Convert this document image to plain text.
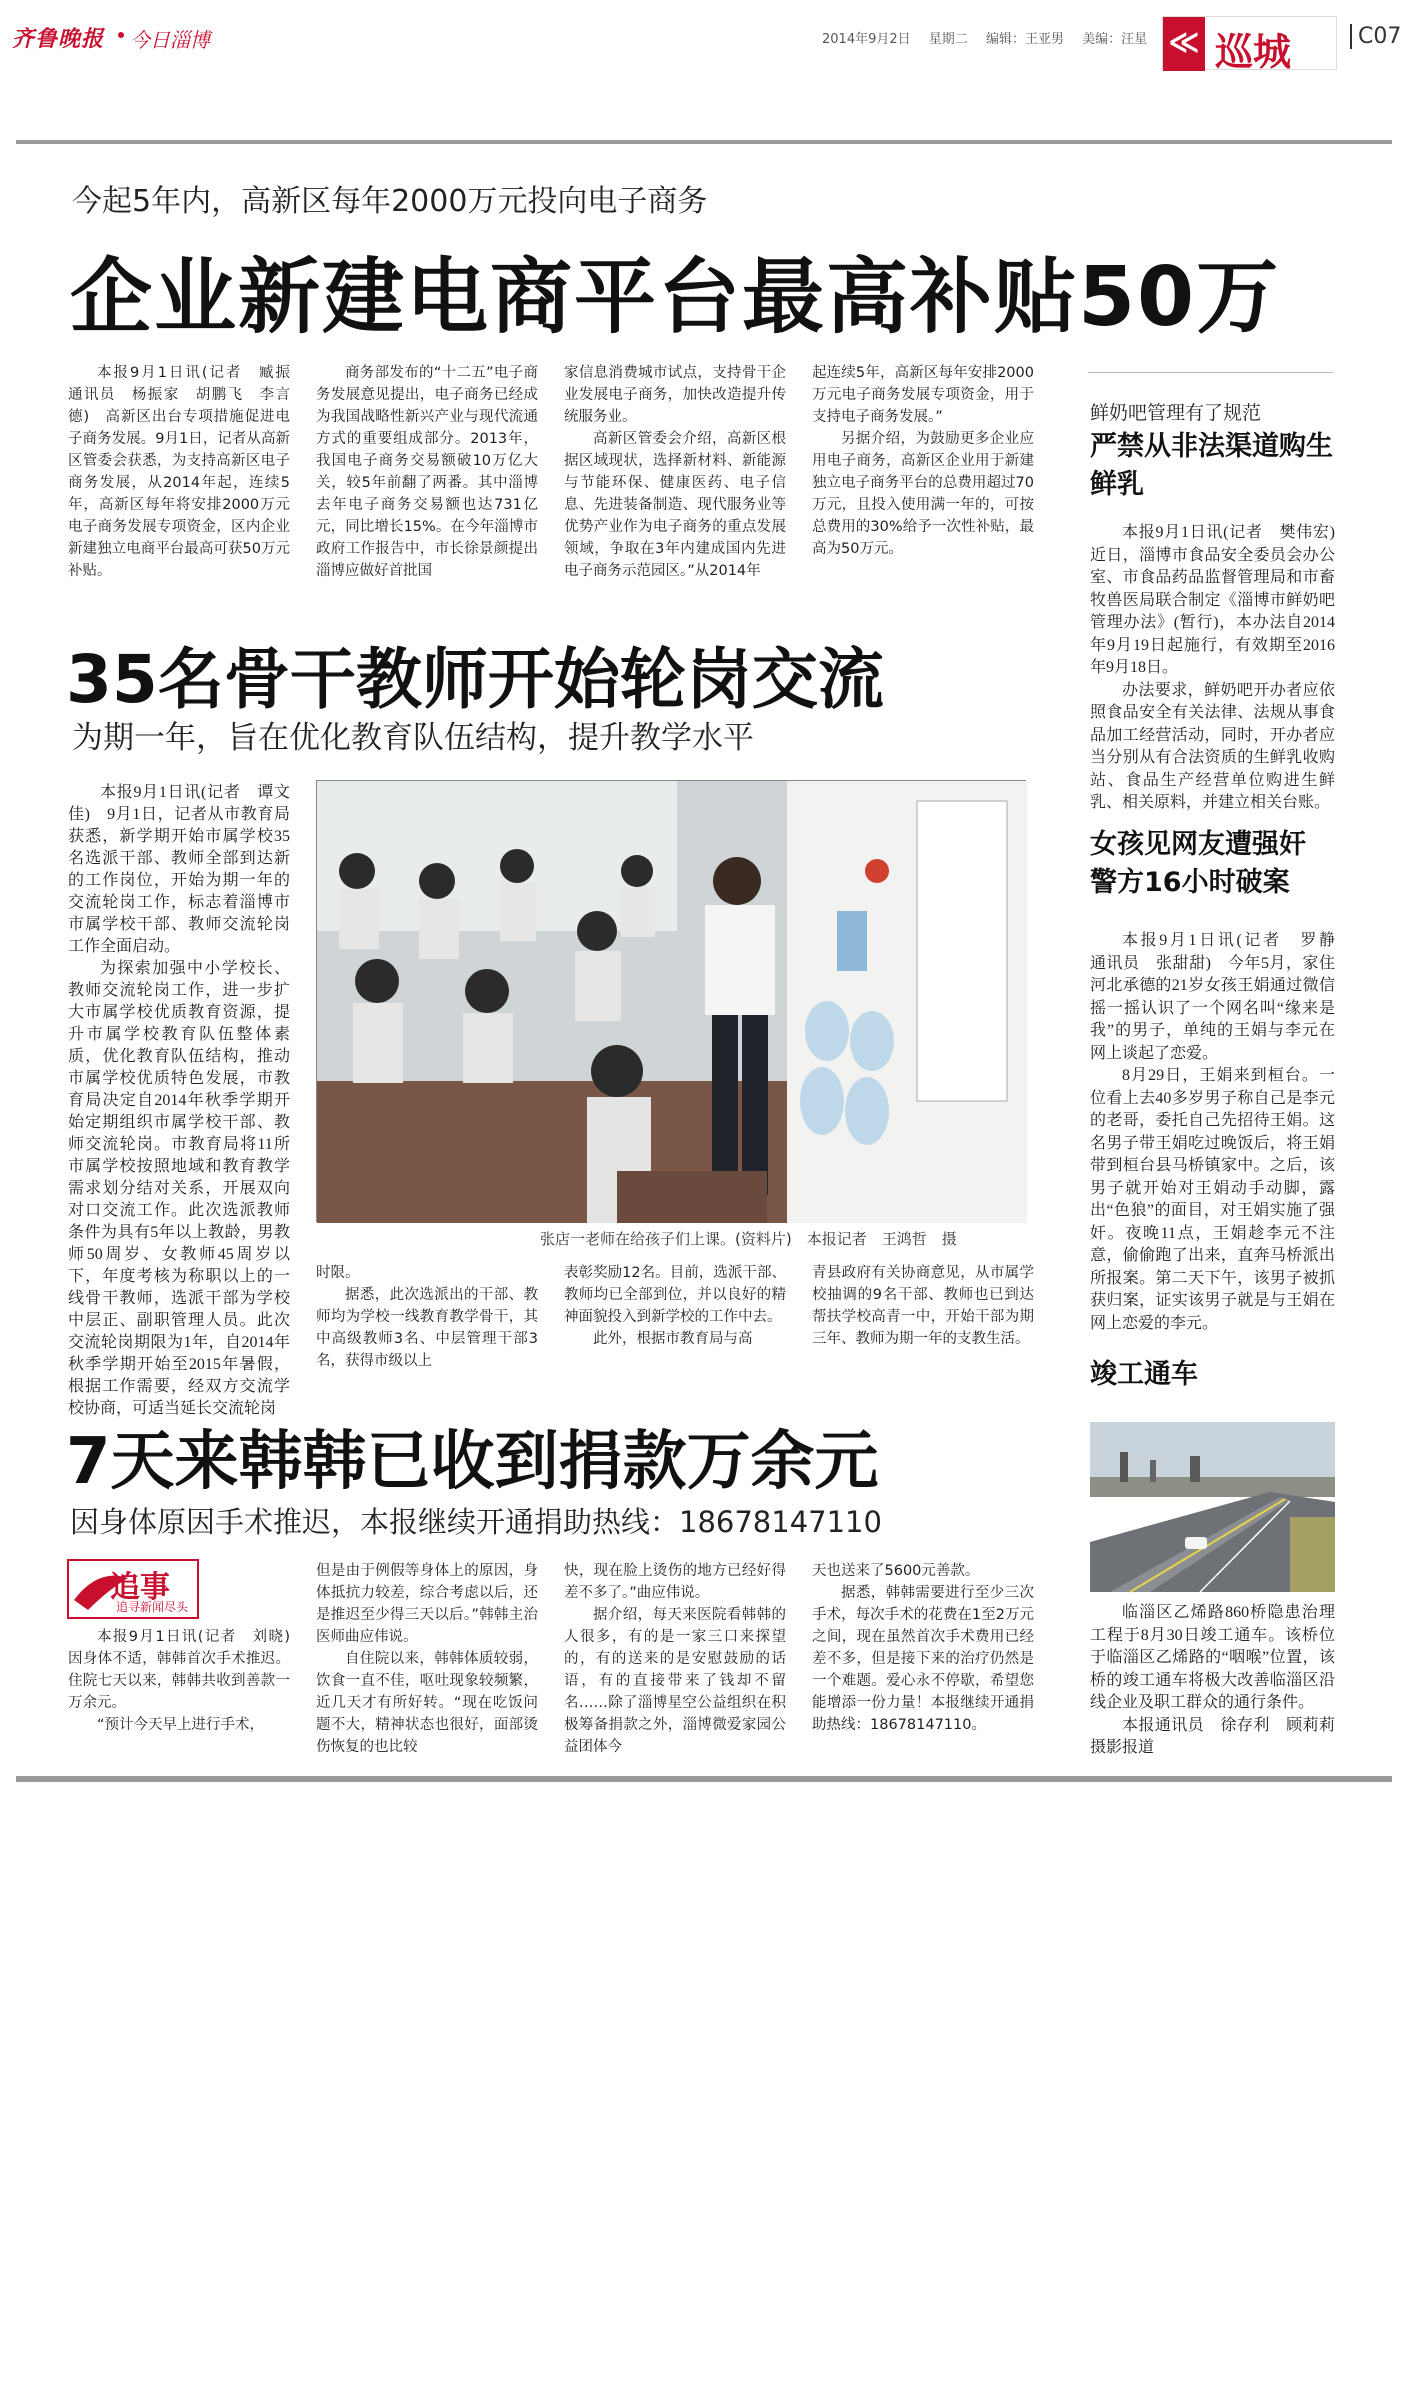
齐鲁晚报 今日淄博	2014年9月2日 星期二 编辑：王亚男 美编：汪星 ≪ 巡城	C07
今起5年内，高新区每年2000万元投向电子商务
企业新建电商平台最高补贴50万

本报9月1日讯(记者　臧振　通讯员　杨振家　胡鹏飞　李言德)　高新区出台专项措施促进电子商务发展。9月1日，记者从高新区管委会获悉，为支持高新区电子商务发展，从2014年起，连续5年，高新区每年将安排2000万元电子商务发展专项资金，区内企业新建独立电商平台最高可获50万元补贴。

商务部发布的“十二五”电子商务发展意见提出，电子商务已经成为我国战略性新兴产业与现代流通方式的重要组成部分。2013年，我国电子商务交易额破10万亿大关，较5年前翻了两番。其中淄博去年电子商务交易额也达731亿元，同比增长15%。在今年淄博市政府工作报告中，市长徐景颜提出淄博应做好首批国

家信息消费城市试点，支持骨干企业发展电子商务，加快改造提升传统服务业。

高新区管委会介绍，高新区根据区域现状，选择新材料、新能源与节能环保、健康医药、电子信息、先进装备制造、现代服务业等优势产业作为电子商务的重点发展领域，争取在3年内建成国内先进电子商务示范园区。”从2014年

起连续5年，高新区每年安排2000万元电子商务发展专项资金，用于支持电子商务发展。”

另据介绍，为鼓励更多企业应用电子商务，高新区企业用于新建独立电子商务平台的总费用超过70万元，且投入使用满一年的，可按总费用的30%给予一次性补贴，最高为50万元。

35名骨干教师开始轮岗交流
为期一年，旨在优化教育队伍结构，提升教学水平

本报9月1日讯(记者　谭文佳)　9月1日，记者从市教育局获悉，新学期开始市属学校35名选派干部、教师全部到达新的工作岗位，开始为期一年的交流轮岗工作，标志着淄博市市属学校干部、教师交流轮岗工作全面启动。

为探索加强中小学校长、教师交流轮岗工作，进一步扩大市属学校优质教育资源，提升市属学校教育队伍整体素质，优化教育队伍结构，推动市属学校优质特色发展，市教育局决定自2014年秋季学期开始定期组织市属学校干部、教师交流轮岗。市教育局将11所市属学校按照地域和教育教学需求划分结对关系，开展双向对口交流工作。此次选派教师条件为具有5年以上教龄，男教师50周岁、女教师45周岁以下，年度考核为称职以上的一线骨干教师，选派干部为学校中层正、副职管理人员。此次交流轮岗期限为1年，自2014年秋季学期开始至2015年暑假，根据工作需要，经双方交流学校协商，可适当延长交流轮岗

张店一老师在给孩子们上课。(资料片)　本报记者　王鸿哲　摄

时限。

据悉，此次选派出的干部、教师均为学校一线教育教学骨干，其中高级教师3名、中层管理干部3名，获得市级以上

表彰奖励12名。目前，选派干部、教师均已全部到位，并以良好的精神面貌投入到新学校的工作中去。

此外，根据市教育局与高

青县政府有关协商意见，从市属学校抽调的9名干部、教师也已到达帮扶学校高青一中，开始干部为期三年、教师为期一年的支教生活。

7天来韩韩已收到捐款万余元
因身体原因手术推迟，本报继续开通捐助热线：18678147110
追事
追寻新闻尽头

本报9月1日讯(记者　刘晓)　因身体不适，韩韩首次手术推迟。住院七天以来，韩韩共收到善款一万余元。

“预计今天早上进行手术，

但是由于例假等身体上的原因，身体抵抗力较差，综合考虑以后，还是推迟至少得三天以后。”韩韩主治医师曲应伟说。

自住院以来，韩韩体质较弱，饮食一直不佳，呕吐现象较频繁，近几天才有所好转。“现在吃饭问题不大，精神状态也很好，面部烫伤恢复的也比较

快，现在脸上烫伤的地方已经好得差不多了。”曲应伟说。

据介绍，每天来医院看韩韩的人很多，有的是一家三口来探望的，有的送来的是安慰鼓励的话语，有的直接带来了钱却不留名……除了淄博星空公益组织在积极筹备捐款之外，淄博微爱家园公益团体今

天也送来了5600元善款。

据悉，韩韩需要进行至少三次手术，每次手术的花费在1至2万元之间，现在虽然首次手术费用已经差不多，但是接下来的治疗仍然是一个难题。爱心永不停歇，希望您能增添一份力量！本报继续开通捐助热线：18678147110。

鲜奶吧管理有了规范
严禁从非法渠道购生鲜乳

本报9月1日讯(记者　樊伟宏)　近日，淄博市食品安全委员会办公室、市食品药品监督管理局和市畜牧兽医局联合制定《淄博市鲜奶吧管理办法》(暂行)，本办法自2014年9月19日起施行，有效期至2016年9月18日。

办法要求，鲜奶吧开办者应依照食品安全有关法律、法规从事食品加工经营活动，同时，开办者应当分别从有合法资质的生鲜乳收购站、食品生产经营单位购进生鲜乳、相关原料，并建立相关台账。

女孩见网友遭强奸　警方16小时破案

本报9月1日讯(记者　罗静　通讯员　张甜甜)　今年5月，家住河北承德的21岁女孩王娟通过微信摇一摇认识了一个网名叫“缘来是我”的男子，单纯的王娟与李元在网上谈起了恋爱。

8月29日，王娟来到桓台。一位看上去40多岁男子称自己是李元的老哥，委托自己先招待王娟。这名男子带王娟吃过晚饭后，将王娟带到桓台县马桥镇家中。之后，该男子就开始对王娟动手动脚，露出“色狼”的面目，对王娟实施了强奸。夜晚11点，王娟趁李元不注意，偷偷跑了出来，直奔马桥派出所报案。第二天下午，该男子被抓获归案，证实该男子就是与王娟在网上恋爱的李元。

竣工通车

临淄区乙烯路860桥隐患治理工程于8月30日竣工通车。该桥位于临淄区乙烯路的“咽喉”位置，该桥的竣工通车将极大改善临淄区沿线企业及职工群众的通行条件。

本报通讯员　徐存利　顾莉莉　摄影报道
